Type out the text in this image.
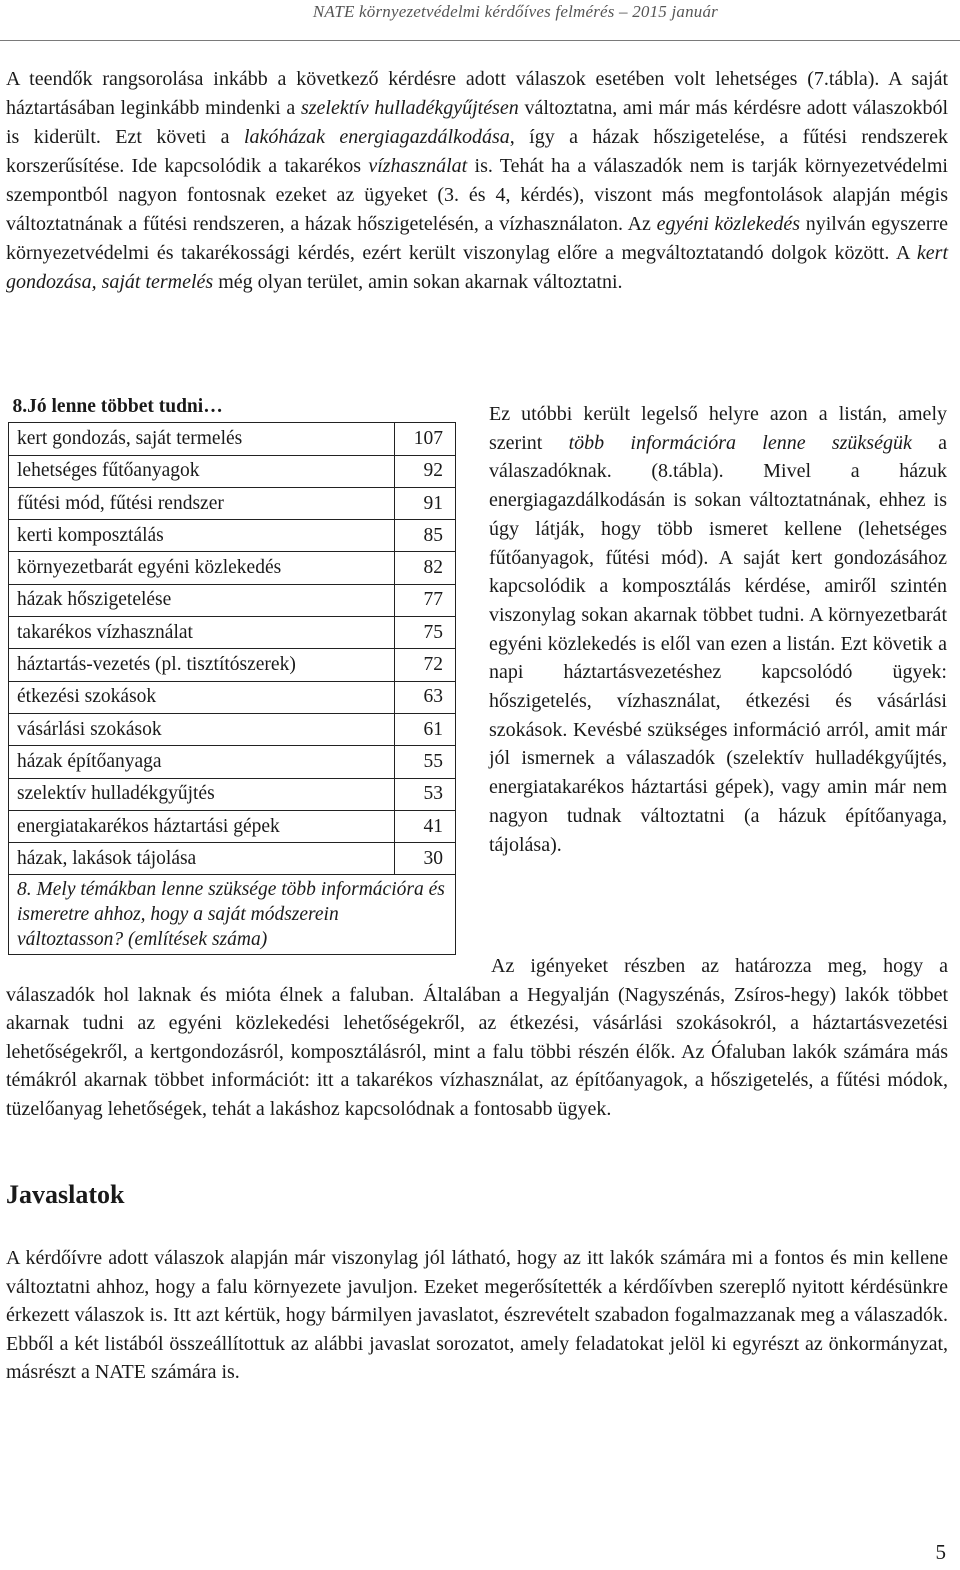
NATE környezetvédelmi kérdőíves felmérés – 2015 január

A teendők rangsorolása inkább a következő kérdésre adott válaszok esetében volt lehetséges (7.tábla). A saját háztartásában leginkább mindenki a szelektív hulladékgyűjtésen változtatna, ami már más kérdésre adott válaszokból is kiderült. Ezt követi a lakóházak energiagazdálkodása, így a házak hőszigetelése, a fűtési rendszerek korszerűsítése. Ide kapcsolódik a takarékos vízhasználat is. Tehát ha a válaszadók nem is tarják környezetvédelmi szempontból nagyon fontosnak ezeket az ügyeket (3. és 4, kérdés), viszont más megfontolások alapján mégis változtatnának a fűtési rendszeren, a házak hőszigetelésén, a vízhasználaton. Az egyéni közlekedés nyilván egyszerre környezetvédelmi és takarékossági kérdés, ezért került viszonylag előre a megváltoztatandó dolgok között. A kert gondozása, saját termelés még olyan terület, amin sokan akarnak változtatni.

8.Jó lenne többet tudni…	
kert gondozás, saját termelés	107
lehetséges fűtőanyagok	92
fűtési mód, fűtési rendszer	91
kerti komposztálás	85
környezetbarát egyéni közlekedés	82
házak hőszigetelése	77
takarékos vízhasználat	75
háztartás-vezetés (pl. tisztítószerek)	72
étkezési szokások	63
vásárlási szokások	61
házak építőanyaga	55
szelektív hulladékgyűjtés	53
energiatakarékos háztartási gépek	41
házak, lakások tájolása	30
8. Mely témákban lenne szüksége több információra és ismeretre ahhoz, hogy a saját módszerein változtasson? (említések száma)	

Ez utóbbi került legelső helyre azon a listán, amely szerint több információra lenne szükségük a válaszadóknak. (8.tábla). Mivel a házuk energiagazdálkodásán is sokan változtatnának, ehhez is úgy látják, hogy több ismeret kellene (lehetséges fűtőanyagok, fűtési mód). A saját kert gondozásához kapcsolódik a komposztálás kérdése, amiről szintén viszonylag sokan akarnak többet tudni. A környezetbarát egyéni közlekedés is elől van ezen a listán. Ezt követik a napi háztartásvezetéshez kapcsolódó ügyek: hőszigetelés, vízhasználat, étkezési és vásárlási szokások. Kevésbé szükséges információ arról, amit már jól ismernek a válaszadók (szelektív hulladékgyűjtés, energiatakarékos háztartási gépek), vagy amin már nem nagyon tudnak változtatni (a házuk építőanyaga, tájolása).

Az igényeket részben az határozza meg, hogy a válaszadók hol laknak és mióta élnek a faluban. Általában a Hegyalján (Nagyszénás, Zsíros-hegy) lakók többet akarnak tudni az egyéni közlekedési lehetőségekről, az étkezési, vásárlási szokásokról, a háztartásvezetési lehetőségekről, a kertgondozásról, komposztálásról, mint a falu többi részén élők. Az Ófaluban lakók számára más témákról akarnak többet információt: itt a takarékos vízhasználat, az építőanyagok, a hőszigetelés, a fűtési módok, tüzelőanyag lehetőségek, tehát a lakáshoz kapcsolódnak a fontosabb ügyek.

Javaslatok

A kérdőívre adott válaszok alapján már viszonylag jól látható, hogy az itt lakók számára mi a fontos és min kellene változtatni ahhoz, hogy a falu környezete javuljon. Ezeket megerősítették a kérdőívben szereplő nyitott kérdésünkre érkezett válaszok is. Itt azt kértük, hogy bármilyen javaslatot, észrevételt szabadon fogalmazzanak meg a válaszadók. Ebből a két listából összeállítottuk az alábbi javaslat sorozatot, amely feladatokat jelöl ki egyrészt az önkormányzat, másrészt a NATE számára is.

5
